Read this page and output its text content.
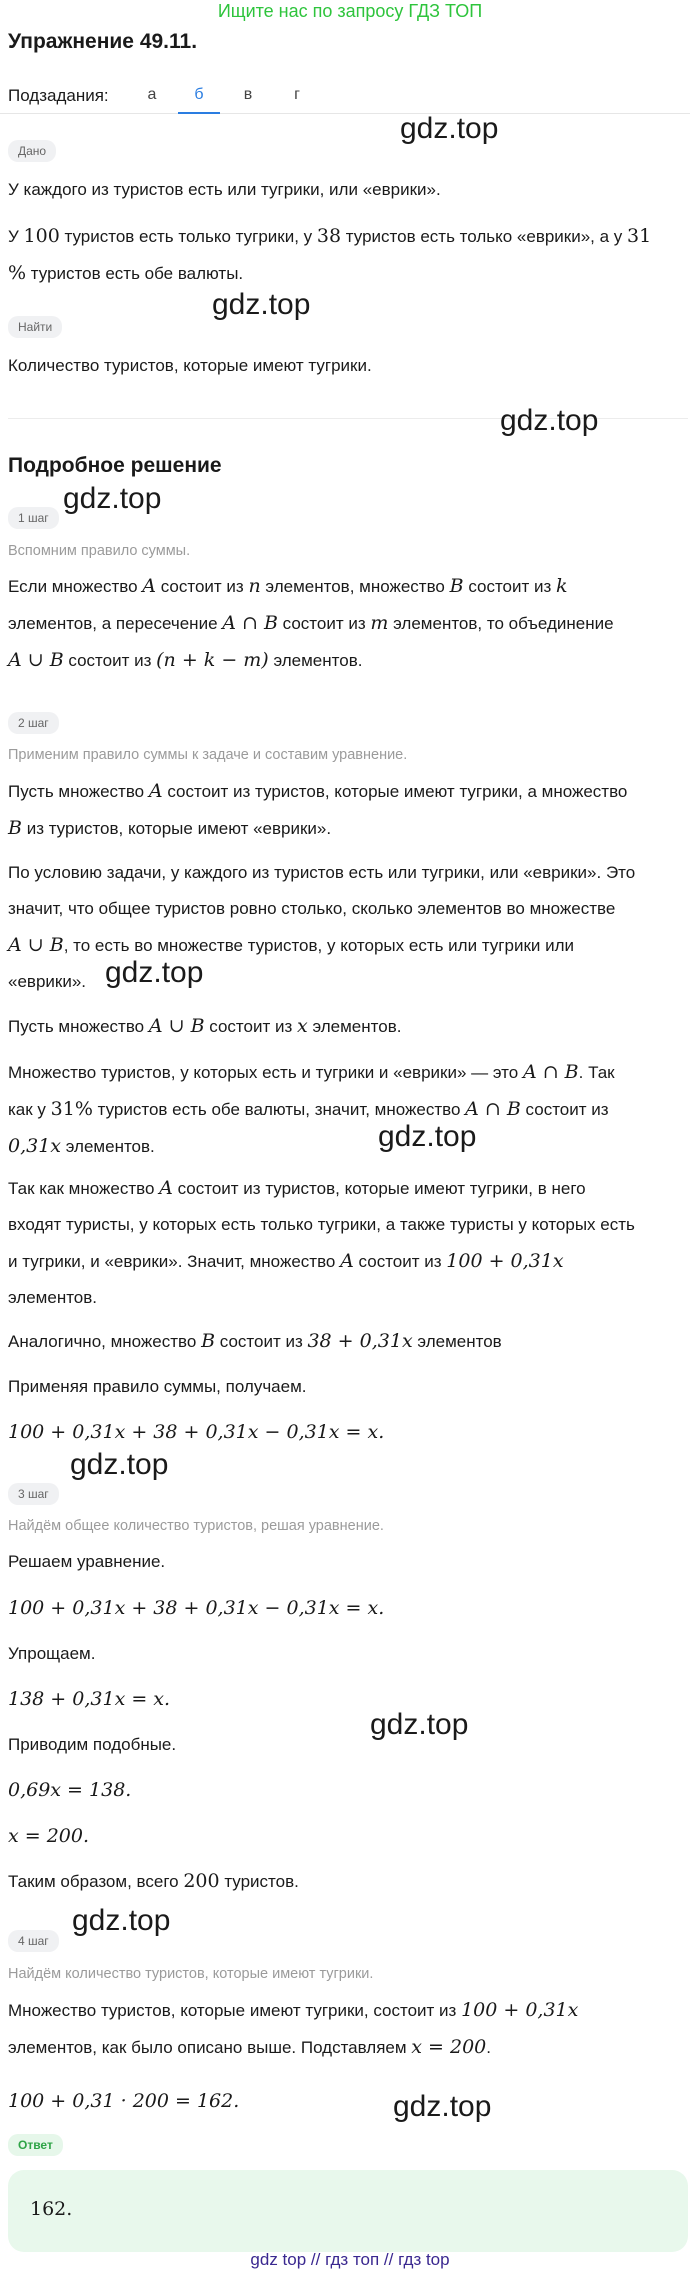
Ищите нас по запросу ГДЗ ТОП
Упражнение 49.11.
Подзадания:	а	б	в	г
gdz.top
Дано
У каждого из туристов есть или тугрики, или «еврики».
У 100 туристов есть только тугрики, у 38 туристов есть только «еврики», а у 31
% туристов есть обе валюты.
Найти
gdz.top
Количество туристов, которые имеют тугрики.
gdz.top
Подробное решение
1 шаг
gdz.top
Вспомним правило суммы.
Если множество A состоит из n элементов, множество B состоит из k
элементов, а пересечение A ∩ B состоит из m элементов, то объединение
A ∪ B состоит из (n + k − m) элементов.
2 шаг
Применим правило суммы к задаче и составим уравнение.
Пусть множество A состоит из туристов, которые имеют тугрики, а множество
B из туристов, которые имеют «еврики».
По условию задачи, у каждого из туристов есть или тугрики, или «еврики». Это
значит, что общее туристов ровно столько, сколько элементов во множестве
A ∪ B, то есть во множестве туристов, у которых есть или тугрики или
«еврики». gdz.top
Пусть множество A ∪ B состоит из x элементов.
Множество туристов, у которых есть и тугрики и «еврики» — это A ∩ B. Так
как у 31% туристов есть обе валюты, значит, множество A ∩ B состоит из
0,31x элементов.	gdz.top
Так как множество A состоит из туристов, которые имеют тугрики, в него
входят туристы, у которых есть только тугрики, а также туристы у которых есть
и тугрики, и «еврики». Значит, множество A состоит из 100 + 0,31x
элементов.
Аналогично, множество B состоит из 38 + 0,31x элементов
Применяя правило суммы, получаем.
100 + 0,31x + 38 + 0,31x − 0,31x = x.
gdz.top
3 шаг
Найдём общее количество туристов, решая уравнение.
Решаем уравнение.
100 + 0,31x + 38 + 0,31x − 0,31x = x.
Упрощаем.
138 + 0,31x = x.
Приводим подобные.
gdz.top
0,69x = 138.
x = 200.
Таким образом, всего 200 туристов.
gdz.top
4 шаг
Найдём количество туристов, которые имеют тугрики.
Множество туристов, которые имеют тугрики, состоит из 100 + 0,31x
элементов, как было описано выше. Подставляем x = 200.
100 + 0,31 · 200 = 162.	gdz.top
Ответ
162.
gdz top // гдз топ // гдз top
